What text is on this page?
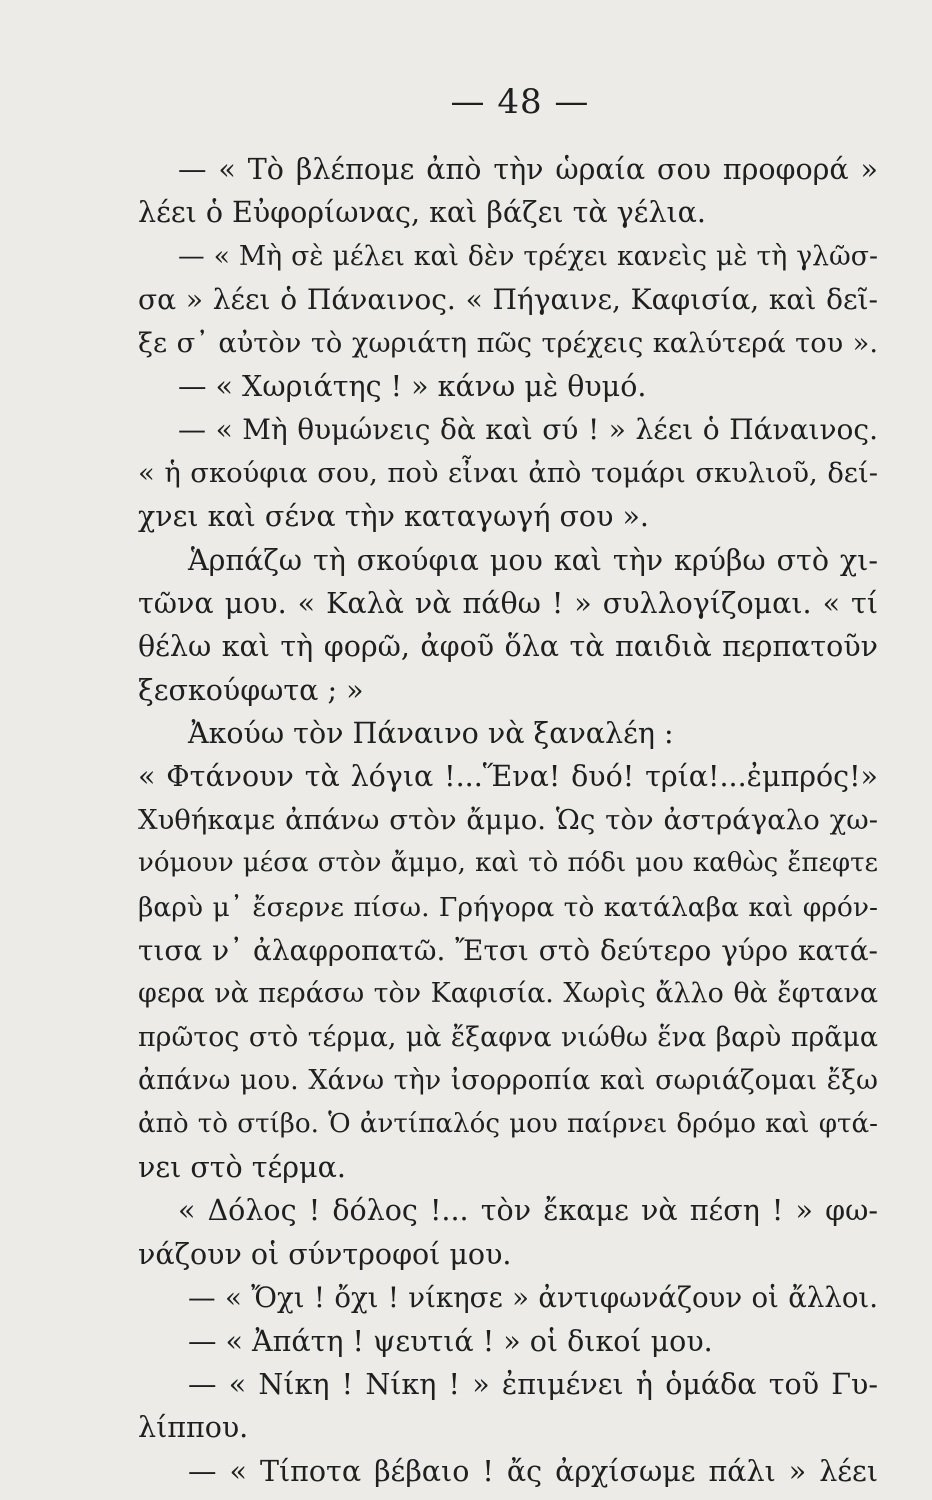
— 48 —
— « Τὸ βλέπομε ἀπὸ τὴν ὡραία σου προφορά »
λέει ὁ Εὐφορίωνας, καὶ βάζει τὰ γέλια.
— « Μὴ σὲ μέλει καὶ δὲν τρέχει κανεὶς μὲ τὴ γλῶσ-
σα » λέει ὁ Πάναινος. « Πήγαινε, Καφισία, καὶ δεῖ-
ξε σ᾽ αὐτὸν τὸ χωριάτη πῶς τρέχεις καλύτερά του ».
— « Χωριάτης ! » κάνω μὲ θυμό.
— « Μὴ θυμώνεις δὰ καὶ σύ ! » λέει ὁ Πάναινος.
« ἡ σκούφια σου, ποὺ εἶναι ἀπὸ τομάρι σκυλιοῦ, δεί-
χνει καὶ σένα τὴν καταγωγή σου ».
Ἁρπάζω τὴ σκούφια μου καὶ τὴν κρύβω στὸ χι-
τῶνα μου. « Καλὰ νὰ πάθω ! » συλλογίζομαι. « τί
θέλω καὶ τὴ φορῶ, ἀφοῦ ὅλα τὰ παιδιὰ περπατοῦν
ξεσκούφωτα ; »
Ἀκούω τὸν Πάναινο νὰ ξαναλέη :
« Φτάνουν τὰ λόγια !...Ἕνα! δυό! τρία!...ἐμπρός!»
Χυθήκαμε ἀπάνω στὸν ἄμμο. Ὡς τὸν ἀστράγαλο χω-
νόμουν μέσα στὸν ἄμμο, καὶ τὸ πόδι μου καθὼς ἔπεφτε
βαρὺ μ᾽ ἔσερνε πίσω. Γρήγορα τὸ κατάλαβα καὶ φρόν-
τισα ν᾽ ἀλαφροπατῶ. Ἔτσι στὸ δεύτερο γύρο κατά-
φερα νὰ περάσω τὸν Καφισία. Χωρὶς ἄλλο θὰ ἔφτανα
πρῶτος στὸ τέρμα, μὰ ἔξαφνα νιώθω ἕνα βαρὺ πρᾶμα
ἀπάνω μου. Χάνω τὴν ἰσορροπία καὶ σωριάζομαι ἔξω
ἀπὸ τὸ στίβο. Ὁ ἀντίπαλός μου παίρνει δρόμο καὶ φτά-
νει στὸ τέρμα.
« Δόλος ! δόλος !... τὸν ἔκαμε νὰ πέση ! » φω-
νάζουν οἱ σύντροφοί μου.
— « Ὄχι ! ὄχι ! νίκησε » ἀντιφωνάζουν οἱ ἄλλοι.
— « Ἀπάτη ! ψευτιά ! » οἱ δικοί μου.
— « Νίκη ! Νίκη ! » ἐπιμένει ἡ ὁμάδα τοῦ Γυ-
λίππου.
— « Τίποτα βέβαιο ! ἄς ἀρχίσωμε πάλι » λέει
